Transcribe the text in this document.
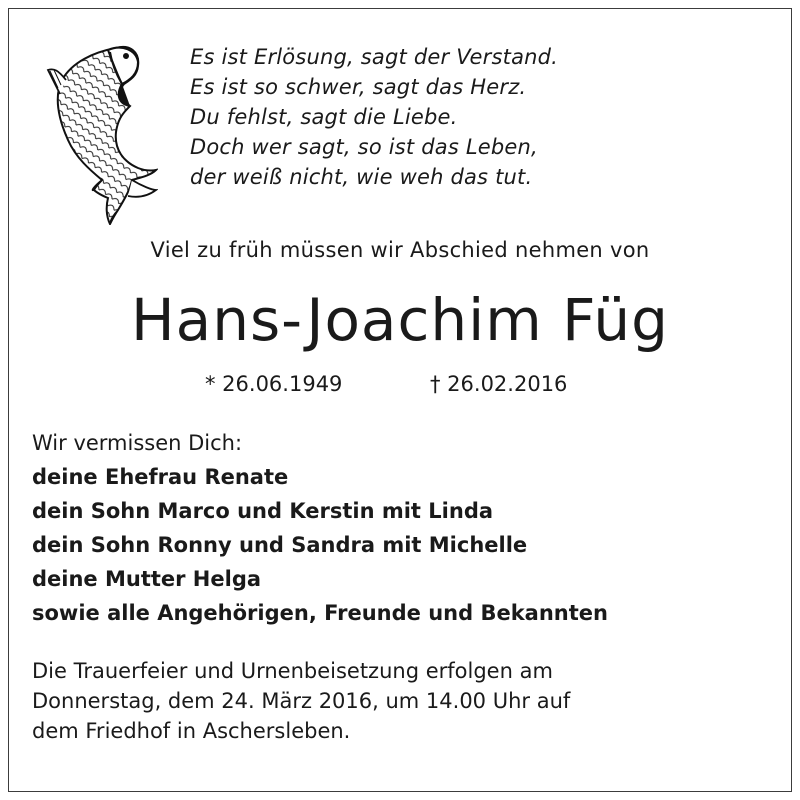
Es ist Erlösung, sagt der Verstand.
Es ist so schwer, sagt das Herz.
Du fehlst, sagt die Liebe.
Doch wer sagt, so ist das Leben,
der weiß nicht, wie weh das tut.
Viel zu früh müssen wir Abschied nehmen von
Hans-Joachim Füg
* 26.06.1949	† 26.02.2016
Wir vermissen Dich:
deine Ehefrau Renate
dein Sohn Marco und Kerstin mit Linda
dein Sohn Ronny und Sandra mit Michelle
deine Mutter Helga
sowie alle Angehörigen, Freunde und Bekannten
Die Trauerfeier und Urnenbeisetzung erfolgen am
Donnerstag, dem 24. März 2016, um 14.00 Uhr auf
dem Friedhof in Aschersleben.
